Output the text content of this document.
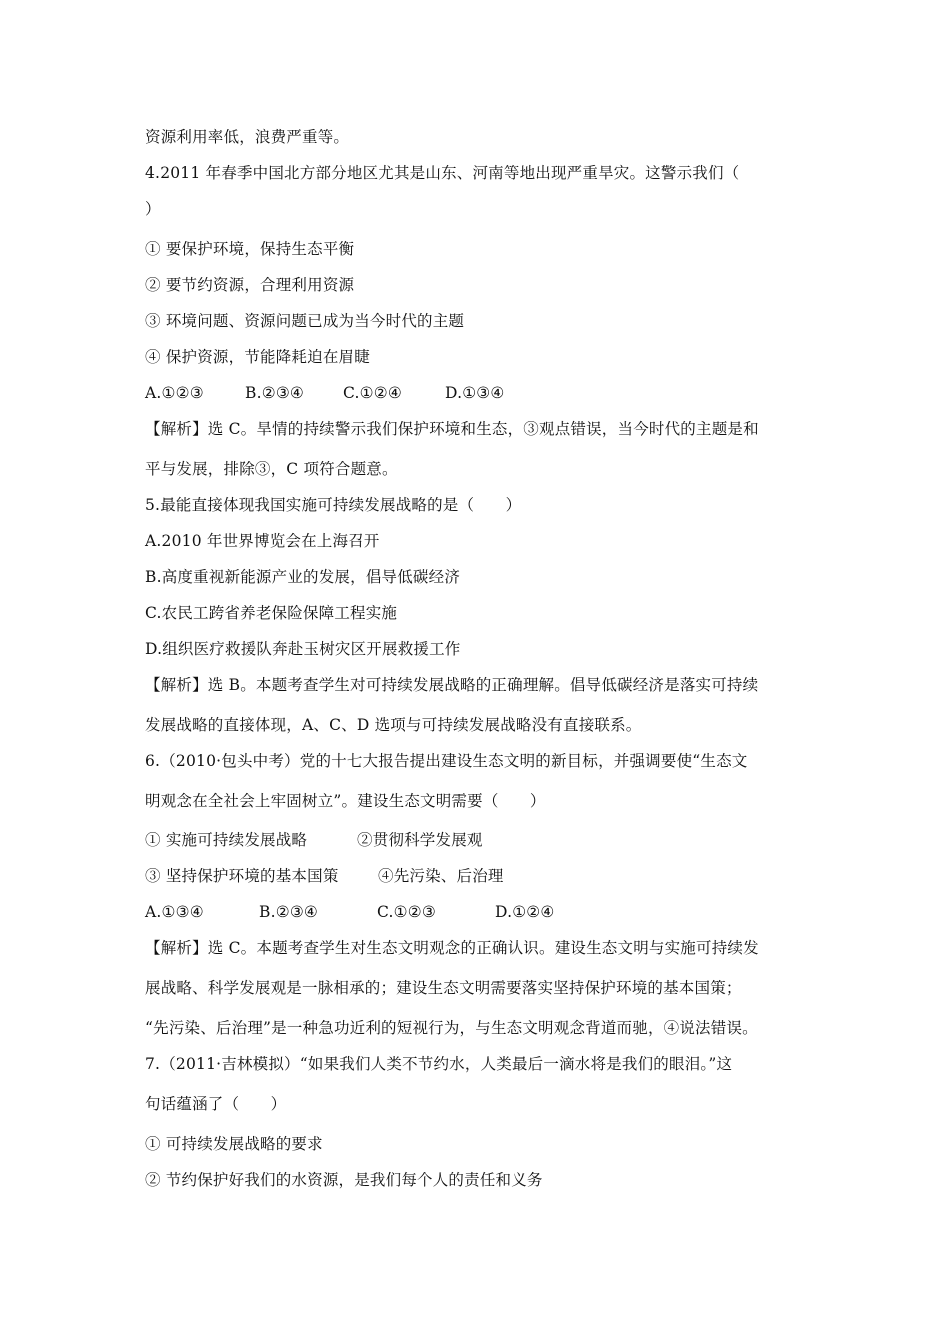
资源利用率低，浪费严重等。
4.2011 年春季中国北方部分地区尤其是山东、河南等地出现严重旱灾。这警示我们（
）
① 要保护环境，保持生态平衡
② 要节约资源，合理利用资源
③ 环境问题、资源问题已成为当今时代的主题
④ 保护资源，节能降耗迫在眉睫
A.①②③	B.②③④	C.①②④	D.①③④
【解析】选 C。旱情的持续警示我们保护环境和生态，③观点错误，当今时代的主题是和
平与发展，排除③，C 项符合题意。
5.最能直接体现我国实施可持续发展战略的是（　　）
A.2010 年世界博览会在上海召开
B.高度重视新能源产业的发展，倡导低碳经济
C.农民工跨省养老保险保障工程实施
D.组织医疗救援队奔赴玉树灾区开展救援工作
【解析】选 B。本题考查学生对可持续发展战略的正确理解。倡导低碳经济是落实可持续
发展战略的直接体现，A、C、D 选项与可持续发展战略没有直接联系。
6.（2010·包头中考）党的十七大报告提出建设生态文明的新目标，并强调要使“生态文
明观念在全社会上牢固树立”。建设生态文明需要（　　）
① 实施可持续发展战略	②贯彻科学发展观
③ 坚持保护环境的基本国策	④先污染、后治理
A.①③④	B.②③④	C.①②③	D.①②④
【解析】选 C。本题考查学生对生态文明观念的正确认识。建设生态文明与实施可持续发
展战略、科学发展观是一脉相承的；建设生态文明需要落实坚持保护环境的基本国策；
“先污染、后治理”是一种急功近利的短视行为，与生态文明观念背道而驰，④说法错误。
7.（2011·吉林模拟）“如果我们人类不节约水，人类最后一滴水将是我们的眼泪。”这
句话蕴涵了（　　）
① 可持续发展战略的要求
② 节约保护好我们的水资源，是我们每个人的责任和义务
